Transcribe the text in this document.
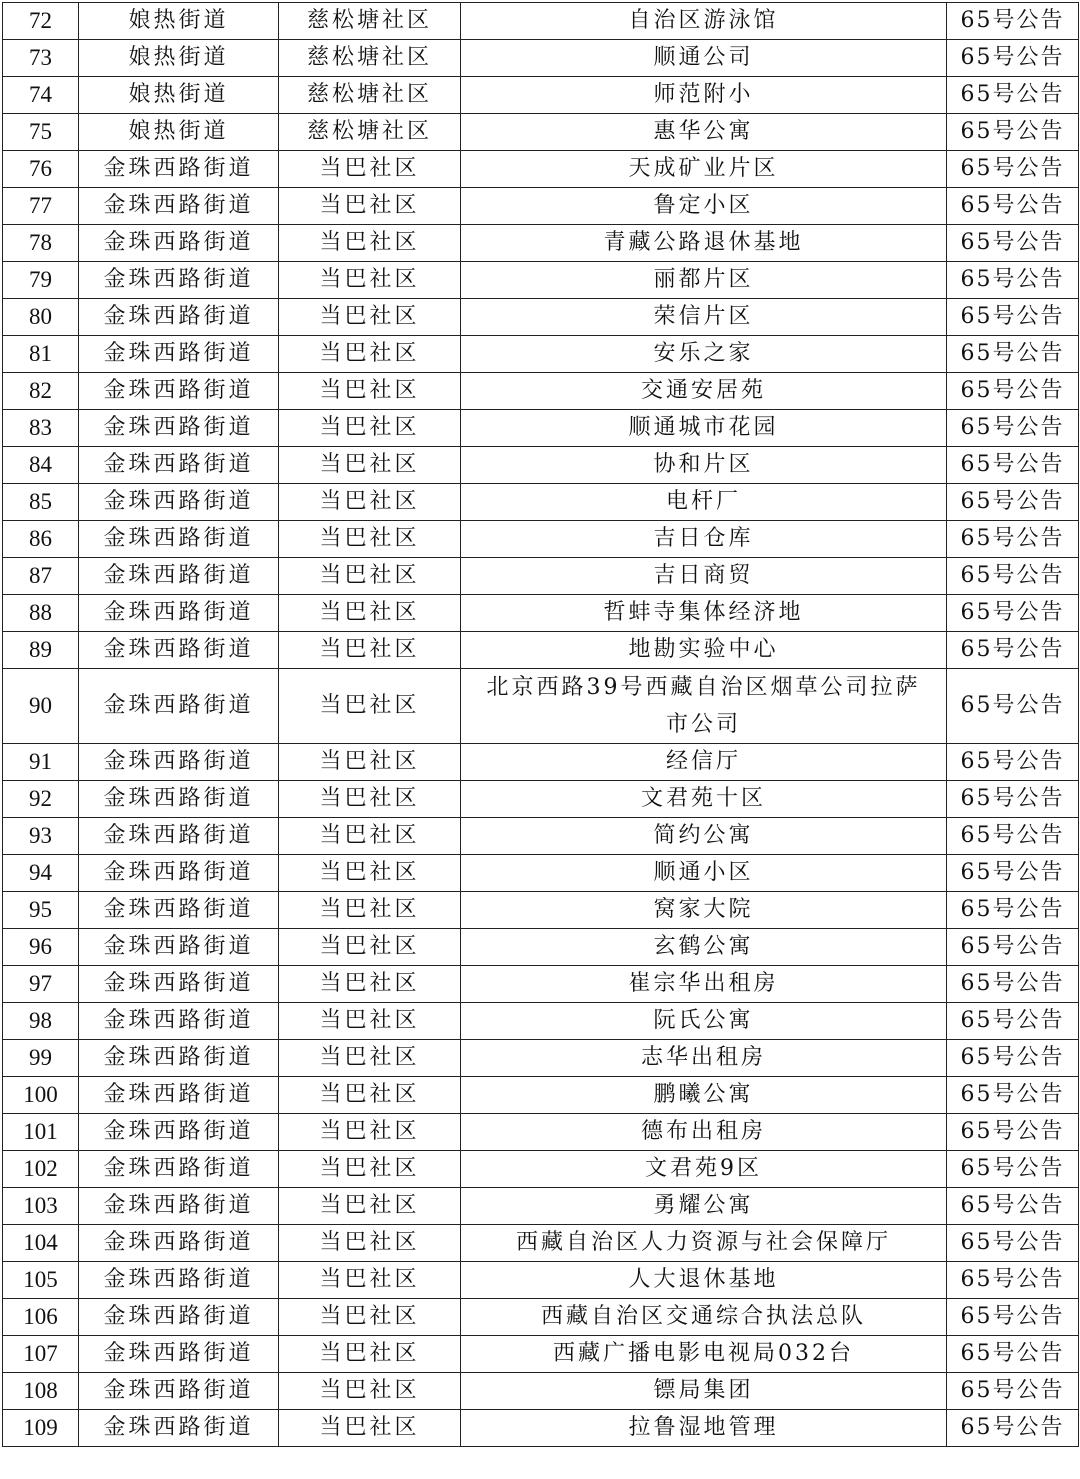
72	娘热街道	慈松塘社区	自治区游泳馆	65号公告
73	娘热街道	慈松塘社区	顺通公司	65号公告
74	娘热街道	慈松塘社区	师范附小	65号公告
75	娘热街道	慈松塘社区	惠华公寓	65号公告
76	金珠西路街道	当巴社区	天成矿业片区	65号公告
77	金珠西路街道	当巴社区	鲁定小区	65号公告
78	金珠西路街道	当巴社区	青藏公路退休基地	65号公告
79	金珠西路街道	当巴社区	丽都片区	65号公告
80	金珠西路街道	当巴社区	荣信片区	65号公告
81	金珠西路街道	当巴社区	安乐之家	65号公告
82	金珠西路街道	当巴社区	交通安居苑	65号公告
83	金珠西路街道	当巴社区	顺通城市花园	65号公告
84	金珠西路街道	当巴社区	协和片区	65号公告
85	金珠西路街道	当巴社区	电杆厂	65号公告
86	金珠西路街道	当巴社区	吉日仓库	65号公告
87	金珠西路街道	当巴社区	吉日商贸	65号公告
88	金珠西路街道	当巴社区	哲蚌寺集体经济地	65号公告
89	金珠西路街道	当巴社区	地勘实验中心	65号公告
90	金珠西路街道	当巴社区	北京西路39号西藏自治区烟草公司拉萨市公司	65号公告
91	金珠西路街道	当巴社区	经信厅	65号公告
92	金珠西路街道	当巴社区	文君苑十区	65号公告
93	金珠西路街道	当巴社区	简约公寓	65号公告
94	金珠西路街道	当巴社区	顺通小区	65号公告
95	金珠西路街道	当巴社区	窝家大院	65号公告
96	金珠西路街道	当巴社区	玄鹤公寓	65号公告
97	金珠西路街道	当巴社区	崔宗华出租房	65号公告
98	金珠西路街道	当巴社区	阮氏公寓	65号公告
99	金珠西路街道	当巴社区	志华出租房	65号公告
100	金珠西路街道	当巴社区	鹏曦公寓	65号公告
101	金珠西路街道	当巴社区	德布出租房	65号公告
102	金珠西路街道	当巴社区	文君苑9区	65号公告
103	金珠西路街道	当巴社区	勇耀公寓	65号公告
104	金珠西路街道	当巴社区	西藏自治区人力资源与社会保障厅	65号公告
105	金珠西路街道	当巴社区	人大退休基地	65号公告
106	金珠西路街道	当巴社区	西藏自治区交通综合执法总队	65号公告
107	金珠西路街道	当巴社区	西藏广播电影电视局032台	65号公告
108	金珠西路街道	当巴社区	镖局集团	65号公告
109	金珠西路街道	当巴社区	拉鲁湿地管理	65号公告
